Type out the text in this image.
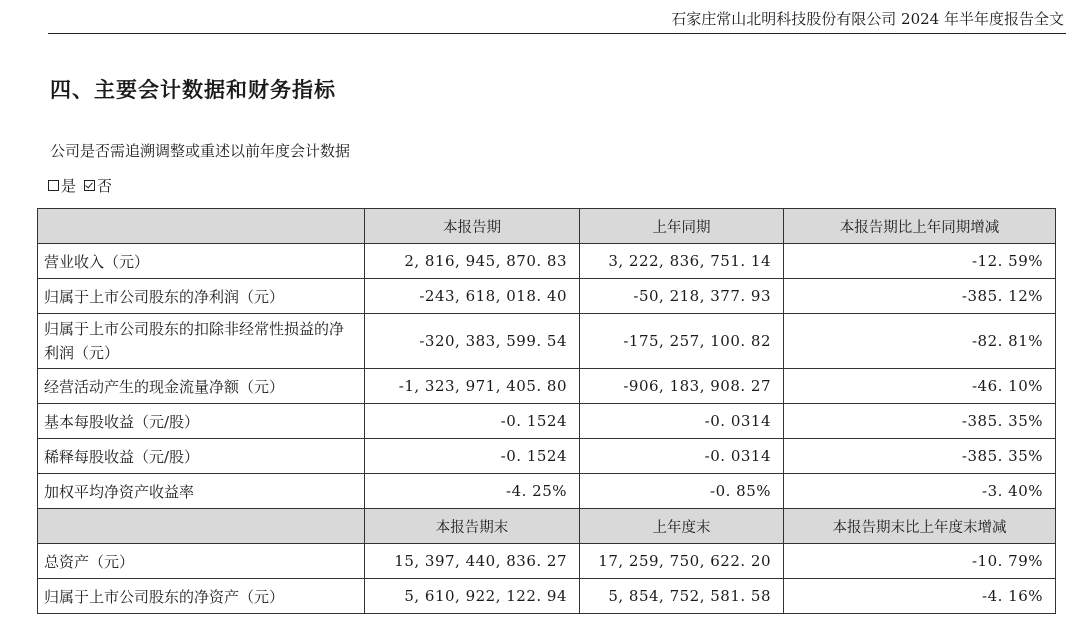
石家庄常山北明科技股份有限公司 2024 年半年度报告全文
四、主要会计数据和财务指标
公司是否需追溯调整或重述以前年度会计数据
是 否
	本报告期	上年同期	本报告期比上年同期增减
营业收入（元）	2, 816, 945, 870. 83	3, 222, 836, 751. 14	-12. 59%
归属于上市公司股东的净利润（元）	-243, 618, 018. 40	-50, 218, 377. 93	-385. 12%
归属于上市公司股东的扣除非经常性损益的净利润（元）	-320, 383, 599. 54	-175, 257, 100. 82	-82. 81%
经营活动产生的现金流量净额（元）	-1, 323, 971, 405. 80	-906, 183, 908. 27	-46. 10%
基本每股收益（元/股）	-0. 1524	-0. 0314	-385. 35%
稀释每股收益（元/股）	-0. 1524	-0. 0314	-385. 35%
加权平均净资产收益率	-4. 25%	-0. 85%	-3. 40%
	本报告期末	上年度末	本报告期末比上年度末增减
总资产（元）	15, 397, 440, 836. 27	17, 259, 750, 622. 20	-10. 79%
归属于上市公司股东的净资产（元）	5, 610, 922, 122. 94	5, 854, 752, 581. 58	-4. 16%
